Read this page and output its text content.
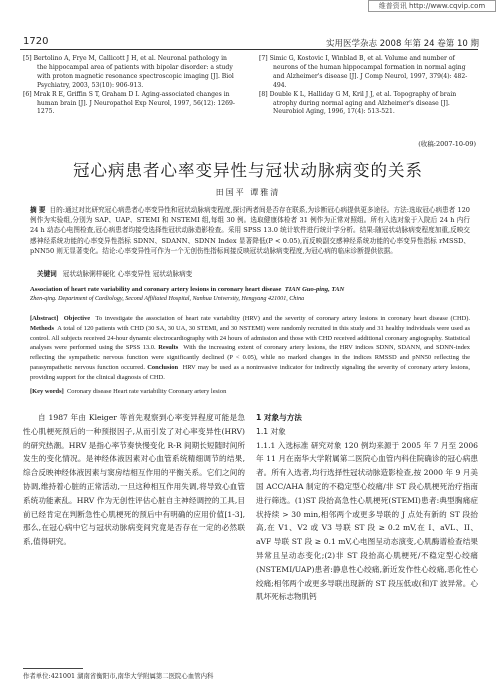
维普资讯 http://www.cqvip.com
1720	实用医学杂志 2008 年第 24 卷第 10 期

[5] Bertolino A, Frye M, Callicott J H, et al. Neuronal pathology in the hippocampal area of patients with bipolar disorder: a study with proton magnetic resonance spectroscopic imaging [J]. Biol Psychiatry, 2003, 53(10): 906-913.

[6] Mrak R E, Griffin S T, Graham D I. Aging-associated changes in human brain [J]. J Neuropathol Exp Neurol, 1997, 56(12): 1269-1275.

[7] Simic G, Kostovic I, Winblad B, et al. Volume and number of neurons of the human hippocampal formation in normal aging and Alzheimer's disease [J]. J Comp Neurol, 1997, 379(4): 482-494.

[8] Double K L, Halliday G M, Kril J J, et al. Topography of brain atrophy during normal aging and Alzheimer's disease [J]. Neurobiol Aging, 1996, 17(4): 513-521.

(收稿:2007-10-09)
冠心病患者心率变异性与冠状动脉病变的关系
田国平 谭雅清
摘 要 目的:通过对比研究冠心病患者心率变异性和冠状动脉病变程度,探讨两者间是否存在联系,为诊断冠心病提供更多途径。方法:选取冠心病患者 120 例作为实验组,分别为 SAP、UAP、STEMI 和 NSTEMI 组,每组 30 例。选取健康体检者 31 例作为正常对照组。所有入选对象于入院后 24 h 内行 24 h 动态心电图检查,冠心病患者均接受选择性冠状动脉造影检查。采用 SPSS 13.0 统计软件进行统计学分析。结果:随冠状动脉病变程度加重,反映交感神经系统功能的心率变异性指标 SDNN、SDANN、SDNN Index 显著降低(P < 0.05),而反映副交感神经系统功能的心率变异性指标 rMSSD、pNN50 则无显著变化。结论:心率变异性可作为一个无创伤性指标间接反映冠状动脉病变程度,为冠心病的临床诊断提供依据。
关键词 冠状动脉粥样硬化 心率变异性 冠状动脉病变
Association of heart rate variability and coronary artery lesions in coronary heart disease TIAN Guo-ping, TAN
Zhen-qing. Department of Cardiology, Second Affiliated Hospital, Nanhua University, Hengyang 421001, China
[Abstract] Objective To investigate the association of heart rate variability (HRV) and the severity of coronary artery lesions in coronary heart disease (CHD). Methods A total of 120 patients with CHD (30 SA, 30 UA, 30 STEMI, and 30 NSTEMI) were randomly recruited in this study and 31 healthy individuals were used as control. All subjects received 24-hour dynamic electrocardiography with 24 hours of admission and those with CHD received additional coronary angiography. Statistical analyses were performed using the SPSS 13.0. Results With the increasing extent of coronary artery lesions, the HRV indices SDNN, SDANN, and SDNN-index reflecting the sympathetic nervous function were significantly declined (P < 0.05), while no marked changes in the indices RMSSD and pNN50 reflecting the parasympathetic nervous function occurred. Conclusion HRV may be used as a noninvasive indicator for indirectly signaling the severity of coronary artery lesions, providing support for the clinical diagnosis of CHD.
[Key words] Coronary disease Heart rate variability Coronary artery lesion

自 1987 年由 Kleiger 等首先观察到心率变异程度可能是急性心肌梗死预后的一种预报因子,从而引发了对心率变异性(HRV)的研究热潮。HRV 是指心率节奏快慢变化 R-R 间期长短随时间所发生的变化情况。是神经体液因素对心血管系统精细调节的结果,综合反映神经体液因素与窦房结相互作用的平衡关系。它们之间的协调,维持着心脏的正常活动,一旦这种相互作用失调,将导致心血管系统功能紊乱。HRV 作为无创性评估心脏自主神经调控的工具,目前已经肯定在判断急性心肌梗死的预后中有明确的应用价值[1-3],那么,在冠心病中它与冠状动脉病变间究竟是否存在一定的必然联系,值得研究。

1 对象与方法

1.1 对象

1.1.1 入选标准 研究对象 120 例均来源于 2005 年 7 月至 2006 年 11 月在南华大学附属第二医院心血管内科住院确诊的冠心病患者。所有入选者,均行选择性冠状动脉造影检查,按 2000 年 9 月美国 ACC/AHA 制定的不稳定型心绞痛/非 ST 段心肌梗死治疗指南进行筛选。(1)ST 段抬高急性心肌梗死(STEMI)患者:典型胸痛症状持续 > 30 min,相邻两个或更多导联的 J 点处有新的 ST 段抬高,在 V1、V2 或 V3 导联 ST 段 ≥ 0.2 mV,在 I、aVL、II、aVF 导联 ST 段 ≥ 0.1 mV,心电图呈动态演变,心肌酶谱检查结果异常且呈动态变化;(2)非 ST 段抬高心肌梗死/不稳定型心绞痛(NSTEMI/UAP)患者:静息性心绞痛,新近发作性心绞痛,恶化性心绞痛;相邻两个或更多导联出现新的 ST 段压低或(和)T 波异常。心肌坏死标志物肌钙

作者单位:421001 湖南省衡阳市,南华大学附属第二医院心血管内科
